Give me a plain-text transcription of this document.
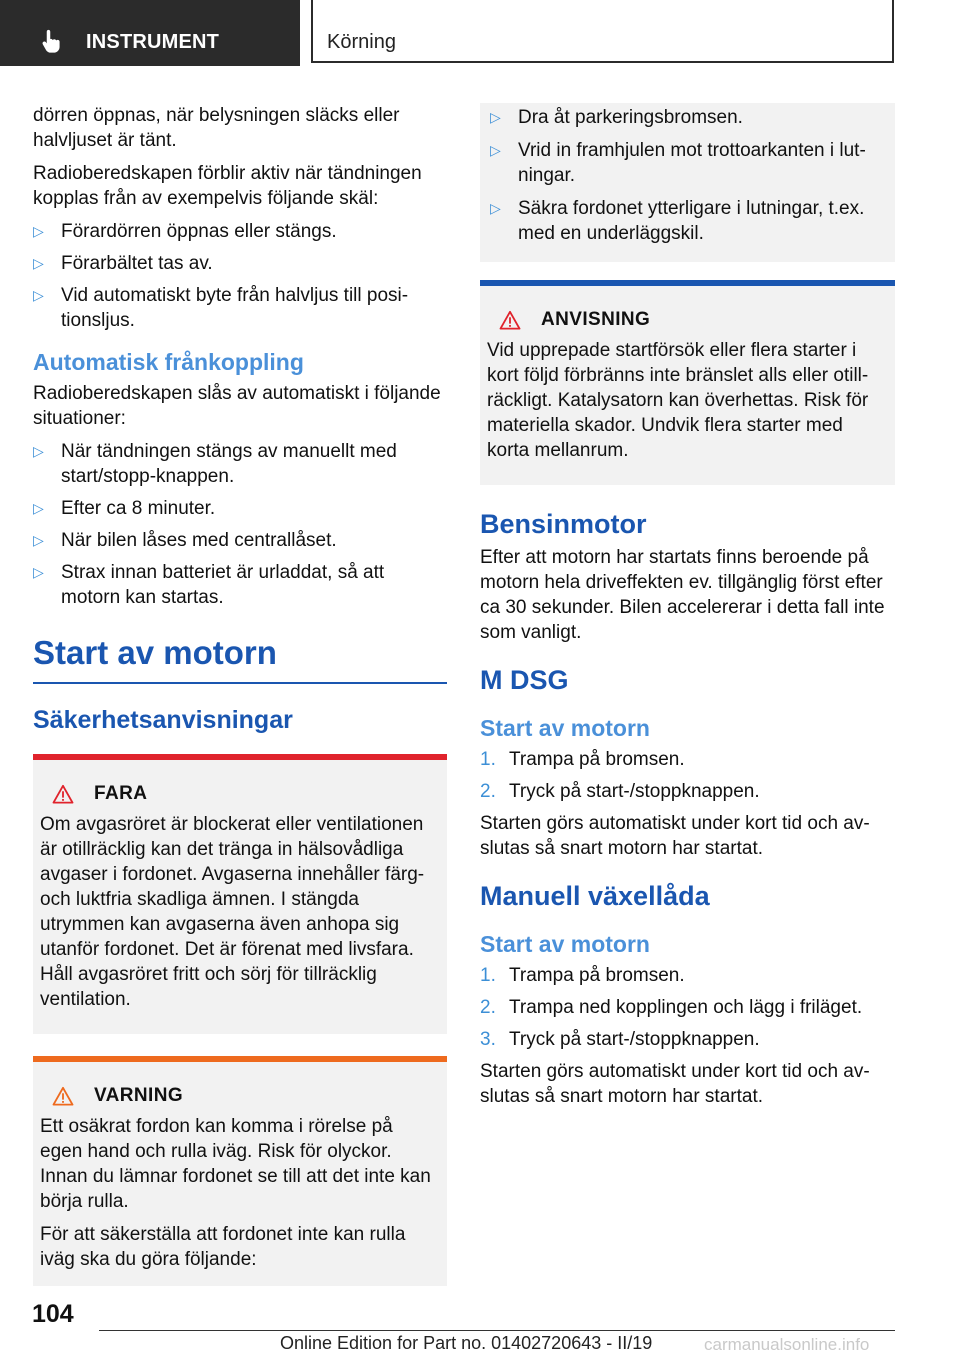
INSTRUMENT	Körning

dörren öppnas, när belysningen släcks eller halvljuset är tänt.

Radioberedskapen förblir aktiv när tändningen kopplas från av exempelvis följande skäl:

▷ Förardörren öppnas eller stängs.
▷ Förarbältet tas av.
▷ Vid automatiskt byte från halvljus till positionsljus.
Automatisk frånkoppling

Radioberedskapen slås av automatiskt i följande situationer:

▷ När tändningen stängs av manuellt med start/stopp-knappen.
▷ Efter ca 8 minuter.
▷ När bilen låses med centrallåset.
▷ Strax innan batteriet är urladdat, så att motorn kan startas.
Start av motorn
Säkerhetsanvisningar
FARA

Om avgasröret är blockerat eller ventilationen är otillräcklig kan det tränga in hälsovådliga avgaser i fordonet. Avgaserna innehåller färg- och luktfria skadliga ämnen. I stängda utrymmen kan avgaserna även anhopa sig utanför fordonet. Det är förenat med livsfara. Håll avgasröret fritt och sörj för tillräcklig ventilation.

VARNING

Ett osäkrat fordon kan komma i rörelse på egen hand och rulla iväg. Risk för olyckor. Innan du lämnar fordonet se till att det inte kan börja rulla.

För att säkerställa att fordonet inte kan rulla iväg ska du göra följande:

▷ Dra åt parkeringsbromsen.
▷ Vrid in framhjulen mot trottoarkanten i lutningar.
▷ Säkra fordonet ytterligare i lutningar, t.ex. med en underläggskil.
ANVISNING

Vid upprepade startförsök eller flera starter i kort följd förbränns inte bränslet alls eller otillräckligt. Katalysatorn kan överhettas. Risk för materiella skador. Undvik flera starter med korta mellanrum.

Bensinmotor

Efter att motorn har startats finns beroende på motorn hela driveffekten ev. tillgänglig först efter ca 30 sekunder. Bilen accelererar i detta fall inte som vanligt.

M DSG
Start av motorn
1. Trampa på bromsen.
2. Tryck på start-/stoppknappen.

Starten görs automatiskt under kort tid och avslutas så snart motorn har startat.

Manuell växellåda
Start av motorn
1. Trampa på bromsen.
2. Trampa ned kopplingen och lägg i friläget.
3. Tryck på start-/stoppknappen.

Starten görs automatiskt under kort tid och avslutas så snart motorn har startat.

104
Online Edition for Part no. 01402720643 - II/19	carmanualsonline.info
